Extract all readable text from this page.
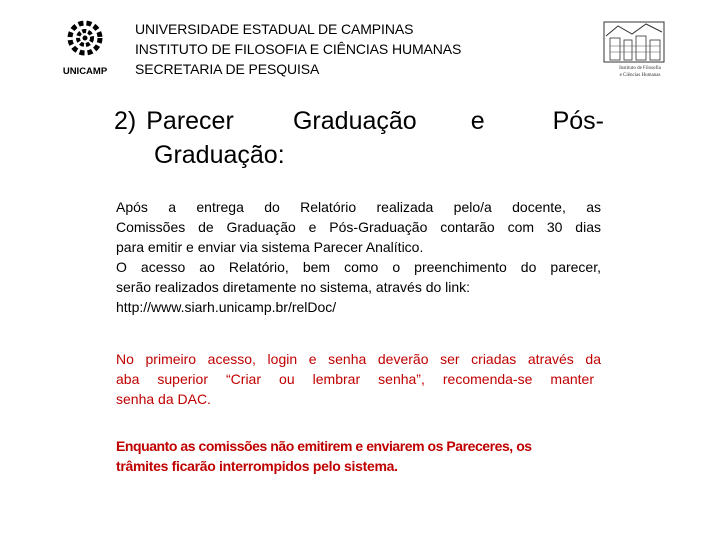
UNICAMP
UNIVERSIDADE ESTADUAL DE CAMPINAS
INSTITUTO DE FILOSOFIA E CIÊNCIAS HUMANAS
SECRETARIA DE PESQUISA	Instituto de Filosofia
e Ciências Humanas
2) Parecer Graduação e	Pós-
Graduação:
Após a entrega do Relatório realizada pelo/a docente, as
Comissões de Graduação e Pós-Graduação contarão com 30 dias
para emitir e enviar via sistema Parecer Analítico.
O acesso ao Relatório, bem como o preenchimento do parecer,
serão realizados diretamente no sistema, através do link:
http://www.siarh.unicamp.br/relDoc/
No primeiro acesso, login e senha deverão ser criadas através da
aba superior “Criar ou lembrar senha”, recomenda-se manter
senha da DAC.
Enquanto as comissões não emitirem e enviarem os Pareceres, os
trâmites ficarão interrompidos pelo sistema.
